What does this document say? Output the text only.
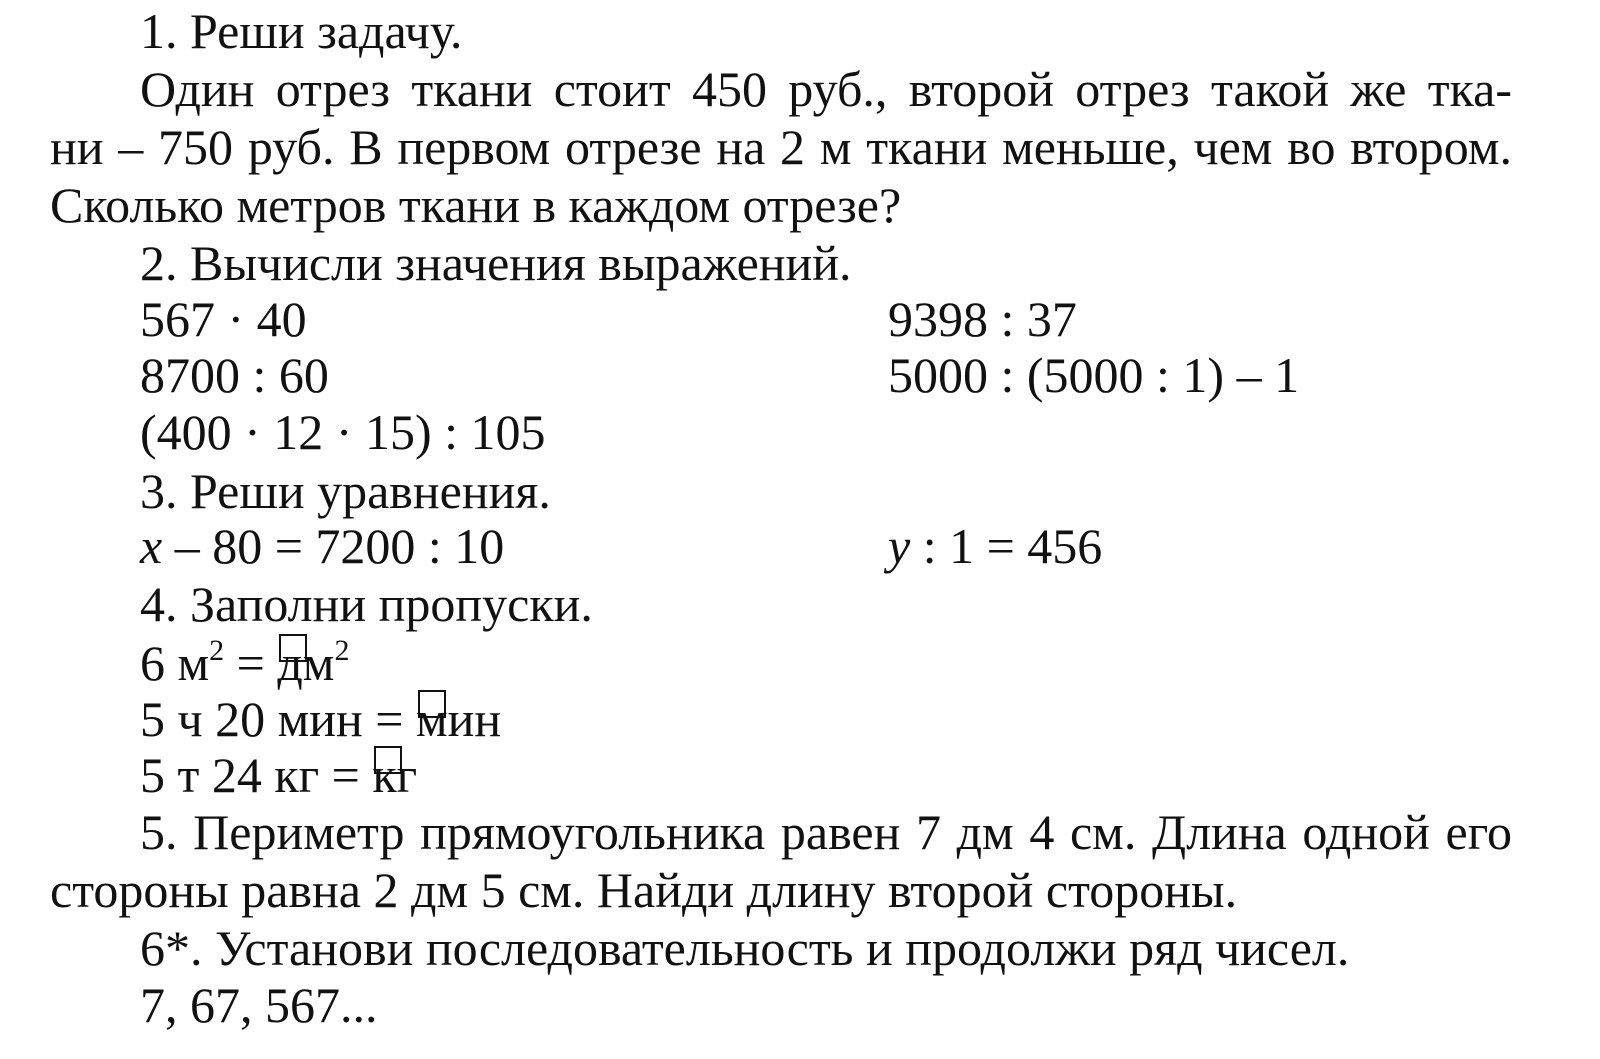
1. Реши задачу.
Один отрез ткани стоит 450 руб., второй отрез такой же тка-
ни – 750 руб. В первом отрезе на 2 м ткани меньше, чем во втором.
Сколько метров ткани в каждом отрезе?
2. Вычисли значения выражений.
567 · 40	9398 : 37
8700 : 60	5000 : (5000 : 1) – 1
(400 · 12 · 15) : 105
3. Реши уравнения.
x – 80 = 7200 : 10	y : 1 = 456
4. Заполни пропуски.
6 $м^2$ =
$дм^2$
5 ч 20 мин =
мин
5 т 24 кг =
кг
5. Периметр прямоугольника равен 7 дм 4 см. Длина одной его
стороны равна 2 дм 5 см. Найди длину второй стороны.
6*. Установи последовательность и продолжи ряд чисел.
7, 67, 567...
